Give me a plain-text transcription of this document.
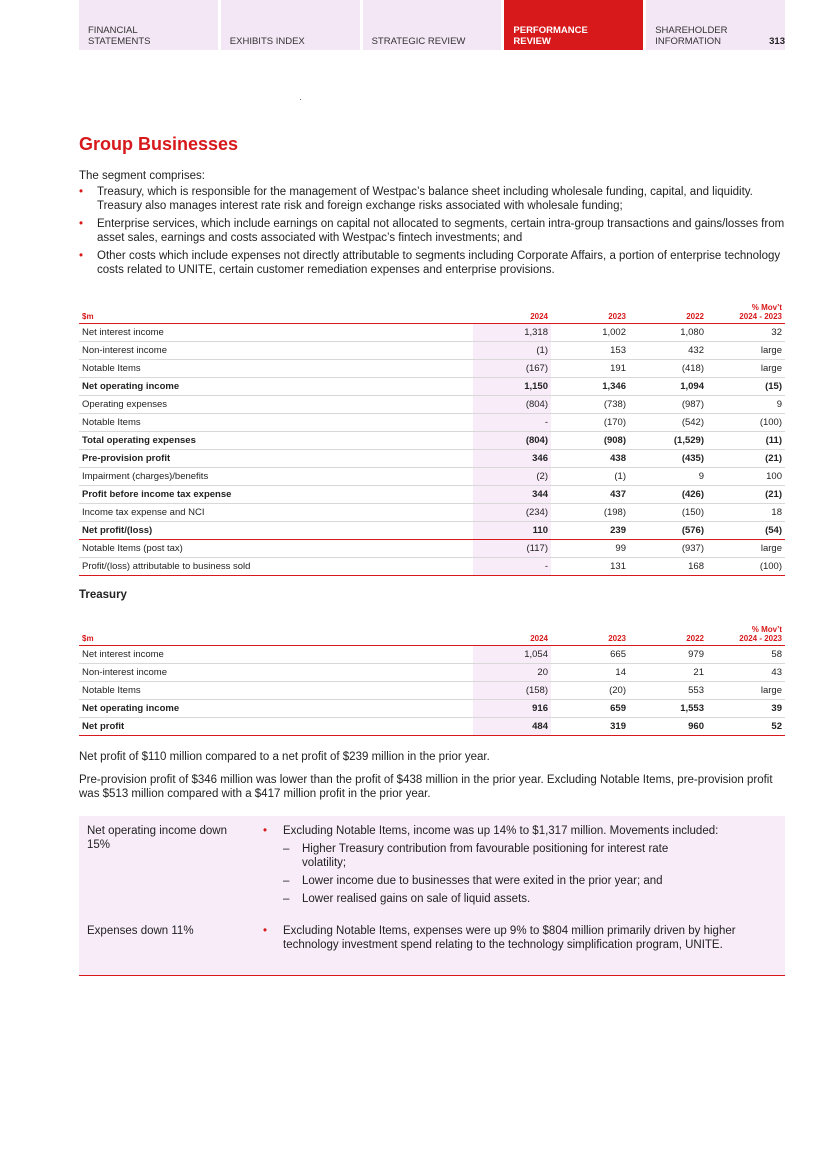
FINANCIAL STATEMENTS	EXHIBITS INDEX	STRATEGIC REVIEW
PERFORMANCE REVIEW
SHAREHOLDER INFORMATION	313
Group Businesses

The segment comprises:

• Treasury, which is responsible for the management of Westpac’s balance sheet including wholesale funding, capital, and liquidity. Treasury also manages interest rate risk and foreign exchange risks associated with wholesale funding;
• Enterprise services, which include earnings on capital not allocated to segments, certain intra-group transactions and gains/losses from asset sales, earnings and costs associated with Westpac’s fintech investments; and
• Other costs which include expenses not directly attributable to segments including Corporate Affairs, a portion of enterprise technology costs related to UNITE, certain customer remediation expenses and enterprise provisions.
$m	2024	2023	2022	% Mov’t
2024 - 2023
Net interest income	1,318	1,002	1,080	32
Non-interest income	(1)	153	432	large
Notable Items	(167)	191	(418)	large
Net operating income	1,150	1,346	1,094	(15)
Operating expenses	(804)	(738)	(987)	9
Notable Items	-	(170)	(542)	(100)
Total operating expenses	(804)	(908)	(1,529)	(11)
Pre-provision profit	346	438	(435)	(21)
Impairment (charges)/benefits	(2)	(1)	9	100
Profit before income tax expense	344	437	(426)	(21)
Income tax expense and NCI	(234)	(198)	(150)	18
Net profit/(loss)	110	239	(576)	(54)
Notable Items (post tax)	(117)	99	(937)	large
Profit/(loss) attributable to business sold	-	131	168	(100)
Treasury
$m	2024	2023	2022	% Mov’t
2024 - 2023
Net interest income	1,054	665	979	58
Non-interest income	20	14	21	43
Notable Items	(158)	(20)	553	large
Net operating income	916	659	1,553	39
Net profit	484	319	960	52

Net profit of $110 million compared to a net profit of $239 million in the prior year.

Pre-provision profit of $346 million was lower than the profit of $438 million in the prior year. Excluding Notable Items, pre-provision profit was $513 million compared with a $417 million profit in the prior year.

Net operating income down 15%
• Excluding Notable Items, income was up 14% to $1,317 million. Movements included:
– Higher Treasury contribution from favourable positioning for interest rate volatility;
– Lower income due to businesses that were exited in the prior year; and
– Lower realised gains on sale of liquid assets.
Expenses down 11%	• Excluding Notable Items, expenses were up 9% to $804 million primarily driven by higher technology investment spend relating to the technology simplification program, UNITE.
